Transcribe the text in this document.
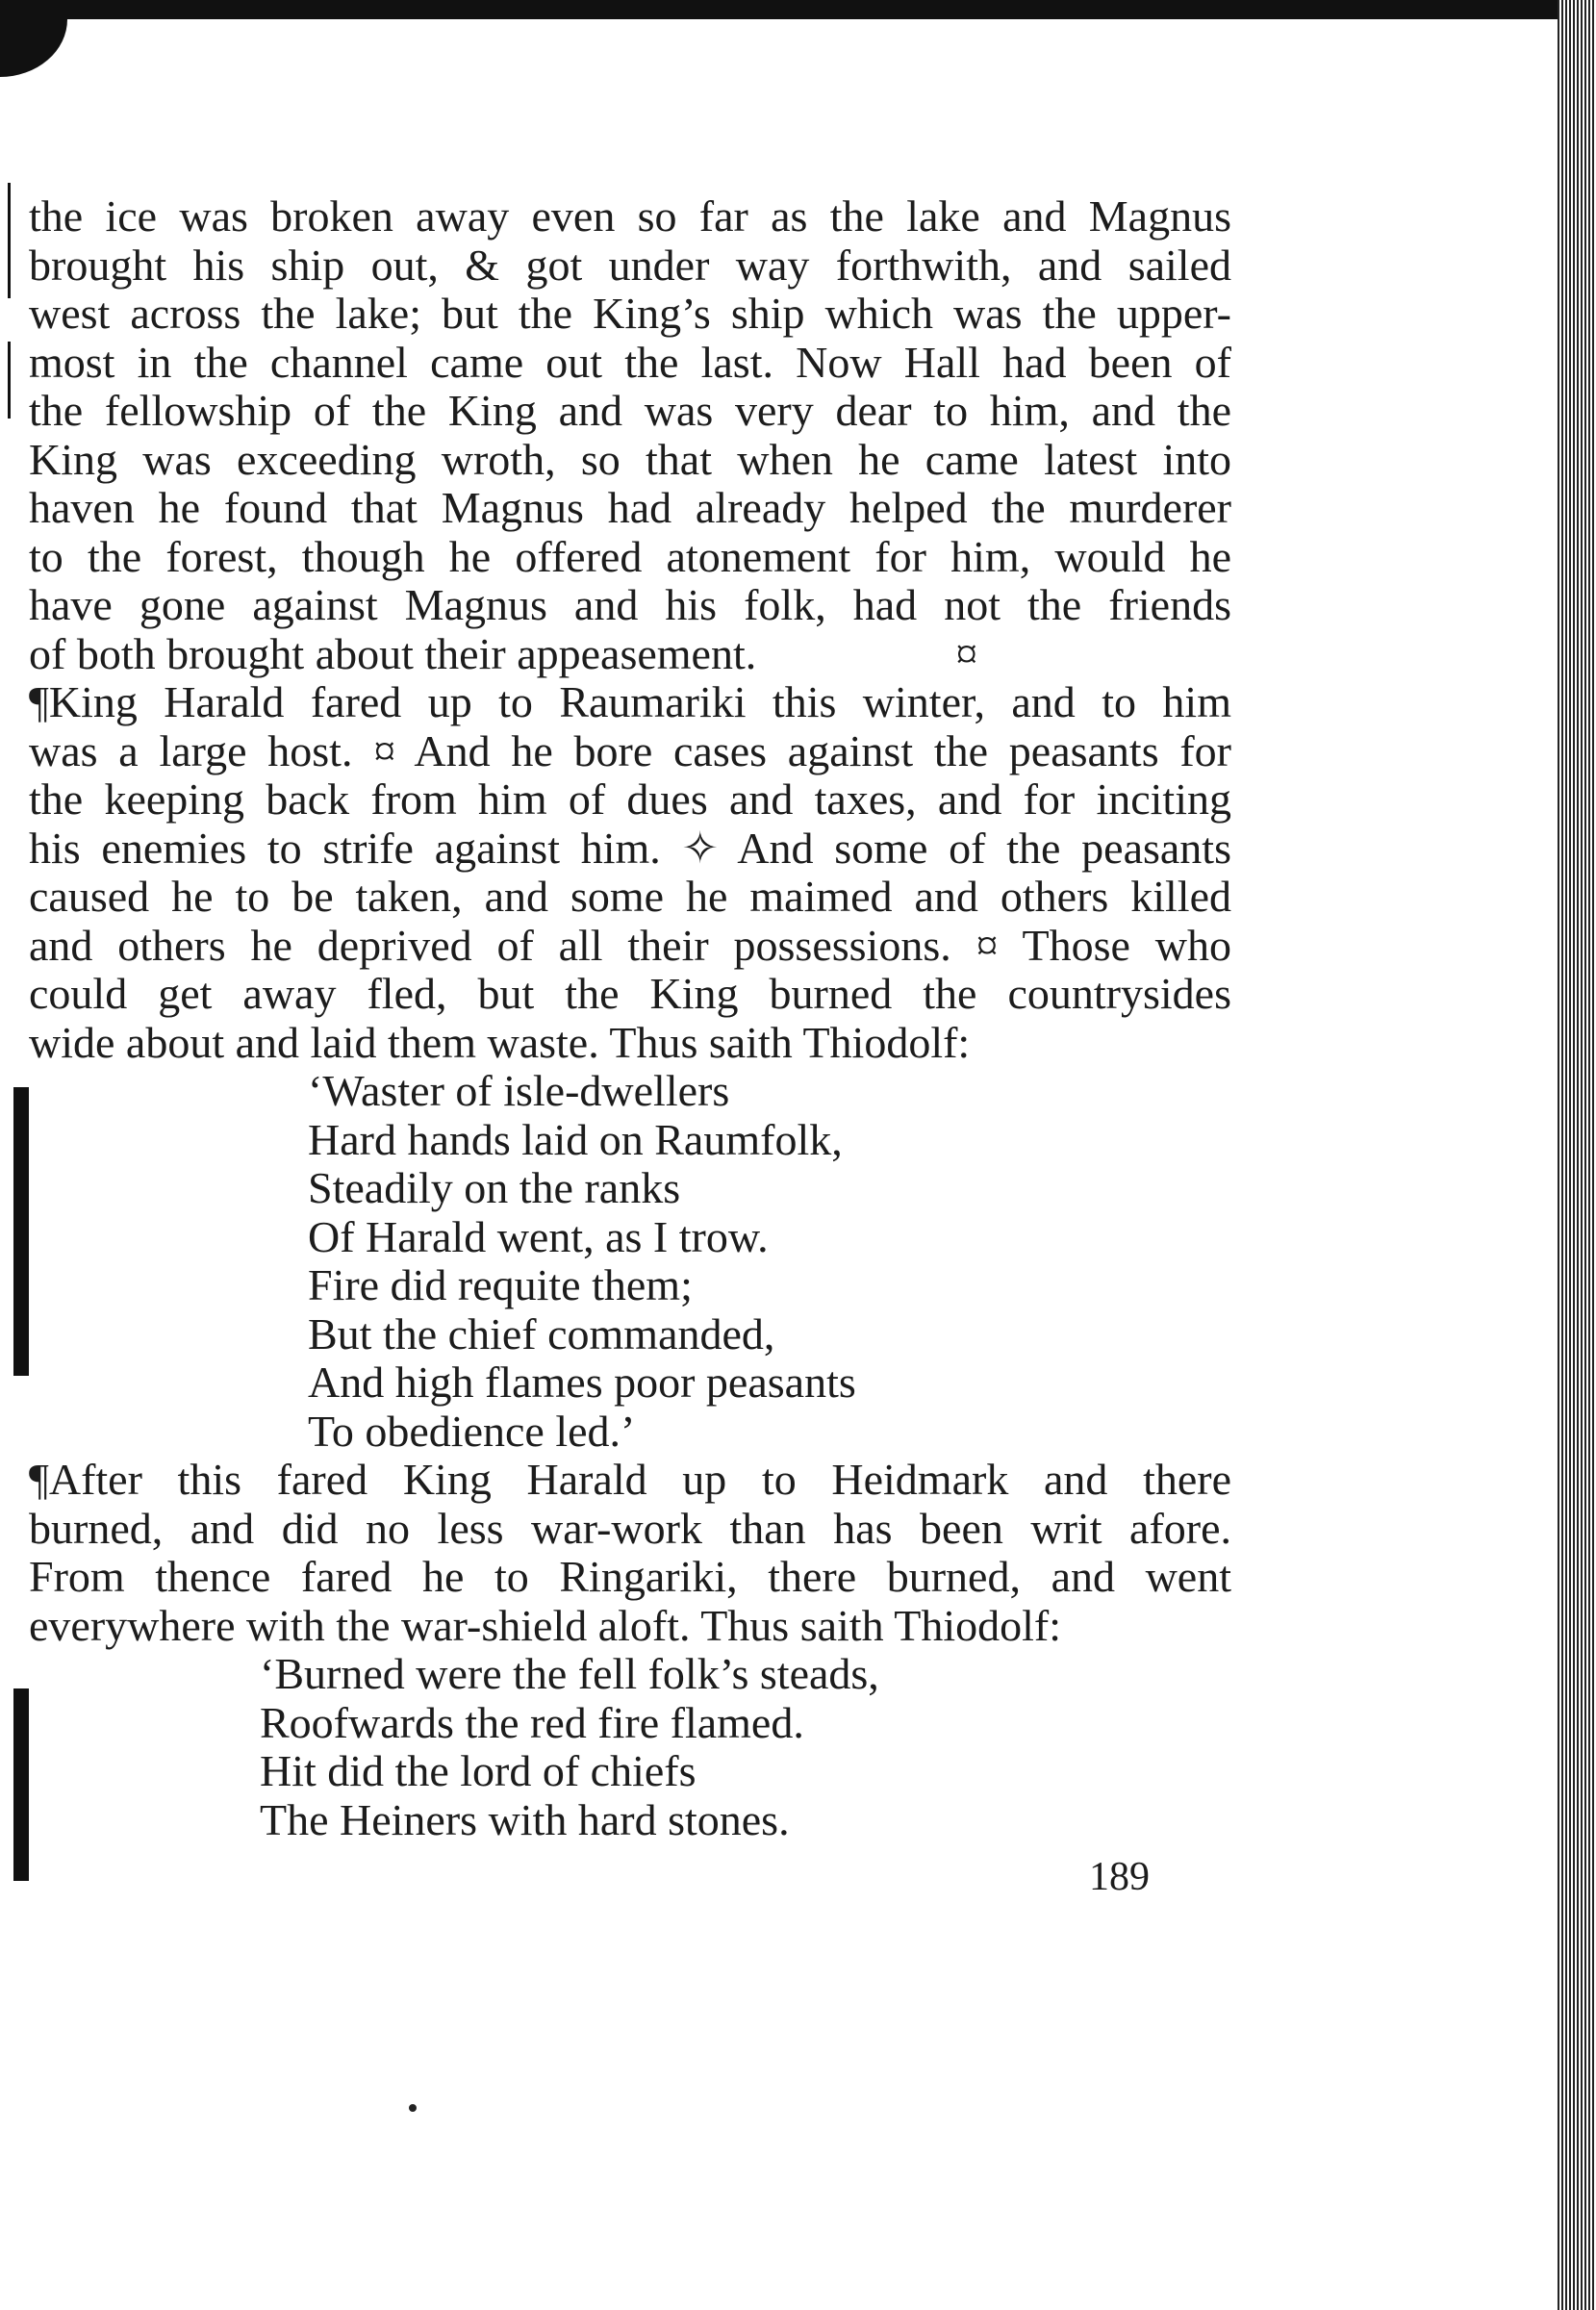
the ice was broken away even so far as the lake and Magnus
brought his ship out, & got under way forthwith, and sailed
west across the lake; but the King’s ship which was the upper-
most in the channel came out the last. Now Hall had been of
the fellowship of the King and was very dear to him, and the
King was exceeding wroth, so that when he came latest into
haven he found that Magnus had already helped the murderer
to the forest, though he offered atonement for him, would he
have gone against Magnus and his folk, had not the friends
of both brought about their appeasement.                  ¤
¶King Harald fared up to Raumariki this winter, and to him
was a large host. ¤ And he bore cases against the peasants for
the keeping back from him of dues and taxes, and for inciting
his enemies to strife against him. ✧ And some of the peasants
caused he to be taken, and some he maimed and others killed
and others he deprived of all their possessions. ¤ Those who
could get away fled, but the King burned the countrysides
wide about and laid them waste. Thus saith Thiodolf:
‘Waster of isle-dwellers
Hard hands laid on Raumfolk,
Steadily on the ranks
Of Harald went, as I trow.
Fire did requite them;
But the chief commanded,
And high flames poor peasants
To obedience led.’
¶After this fared King Harald up to Heidmark and there
burned, and did no less war-work than has been writ afore.
From thence fared he to Ringariki, there burned, and went
everywhere with the war-shield aloft. Thus saith Thiodolf:
‘Burned were the fell folk’s steads,
Roofwards the red fire flamed.
Hit did the lord of chiefs
The Heiners with hard stones.
189
